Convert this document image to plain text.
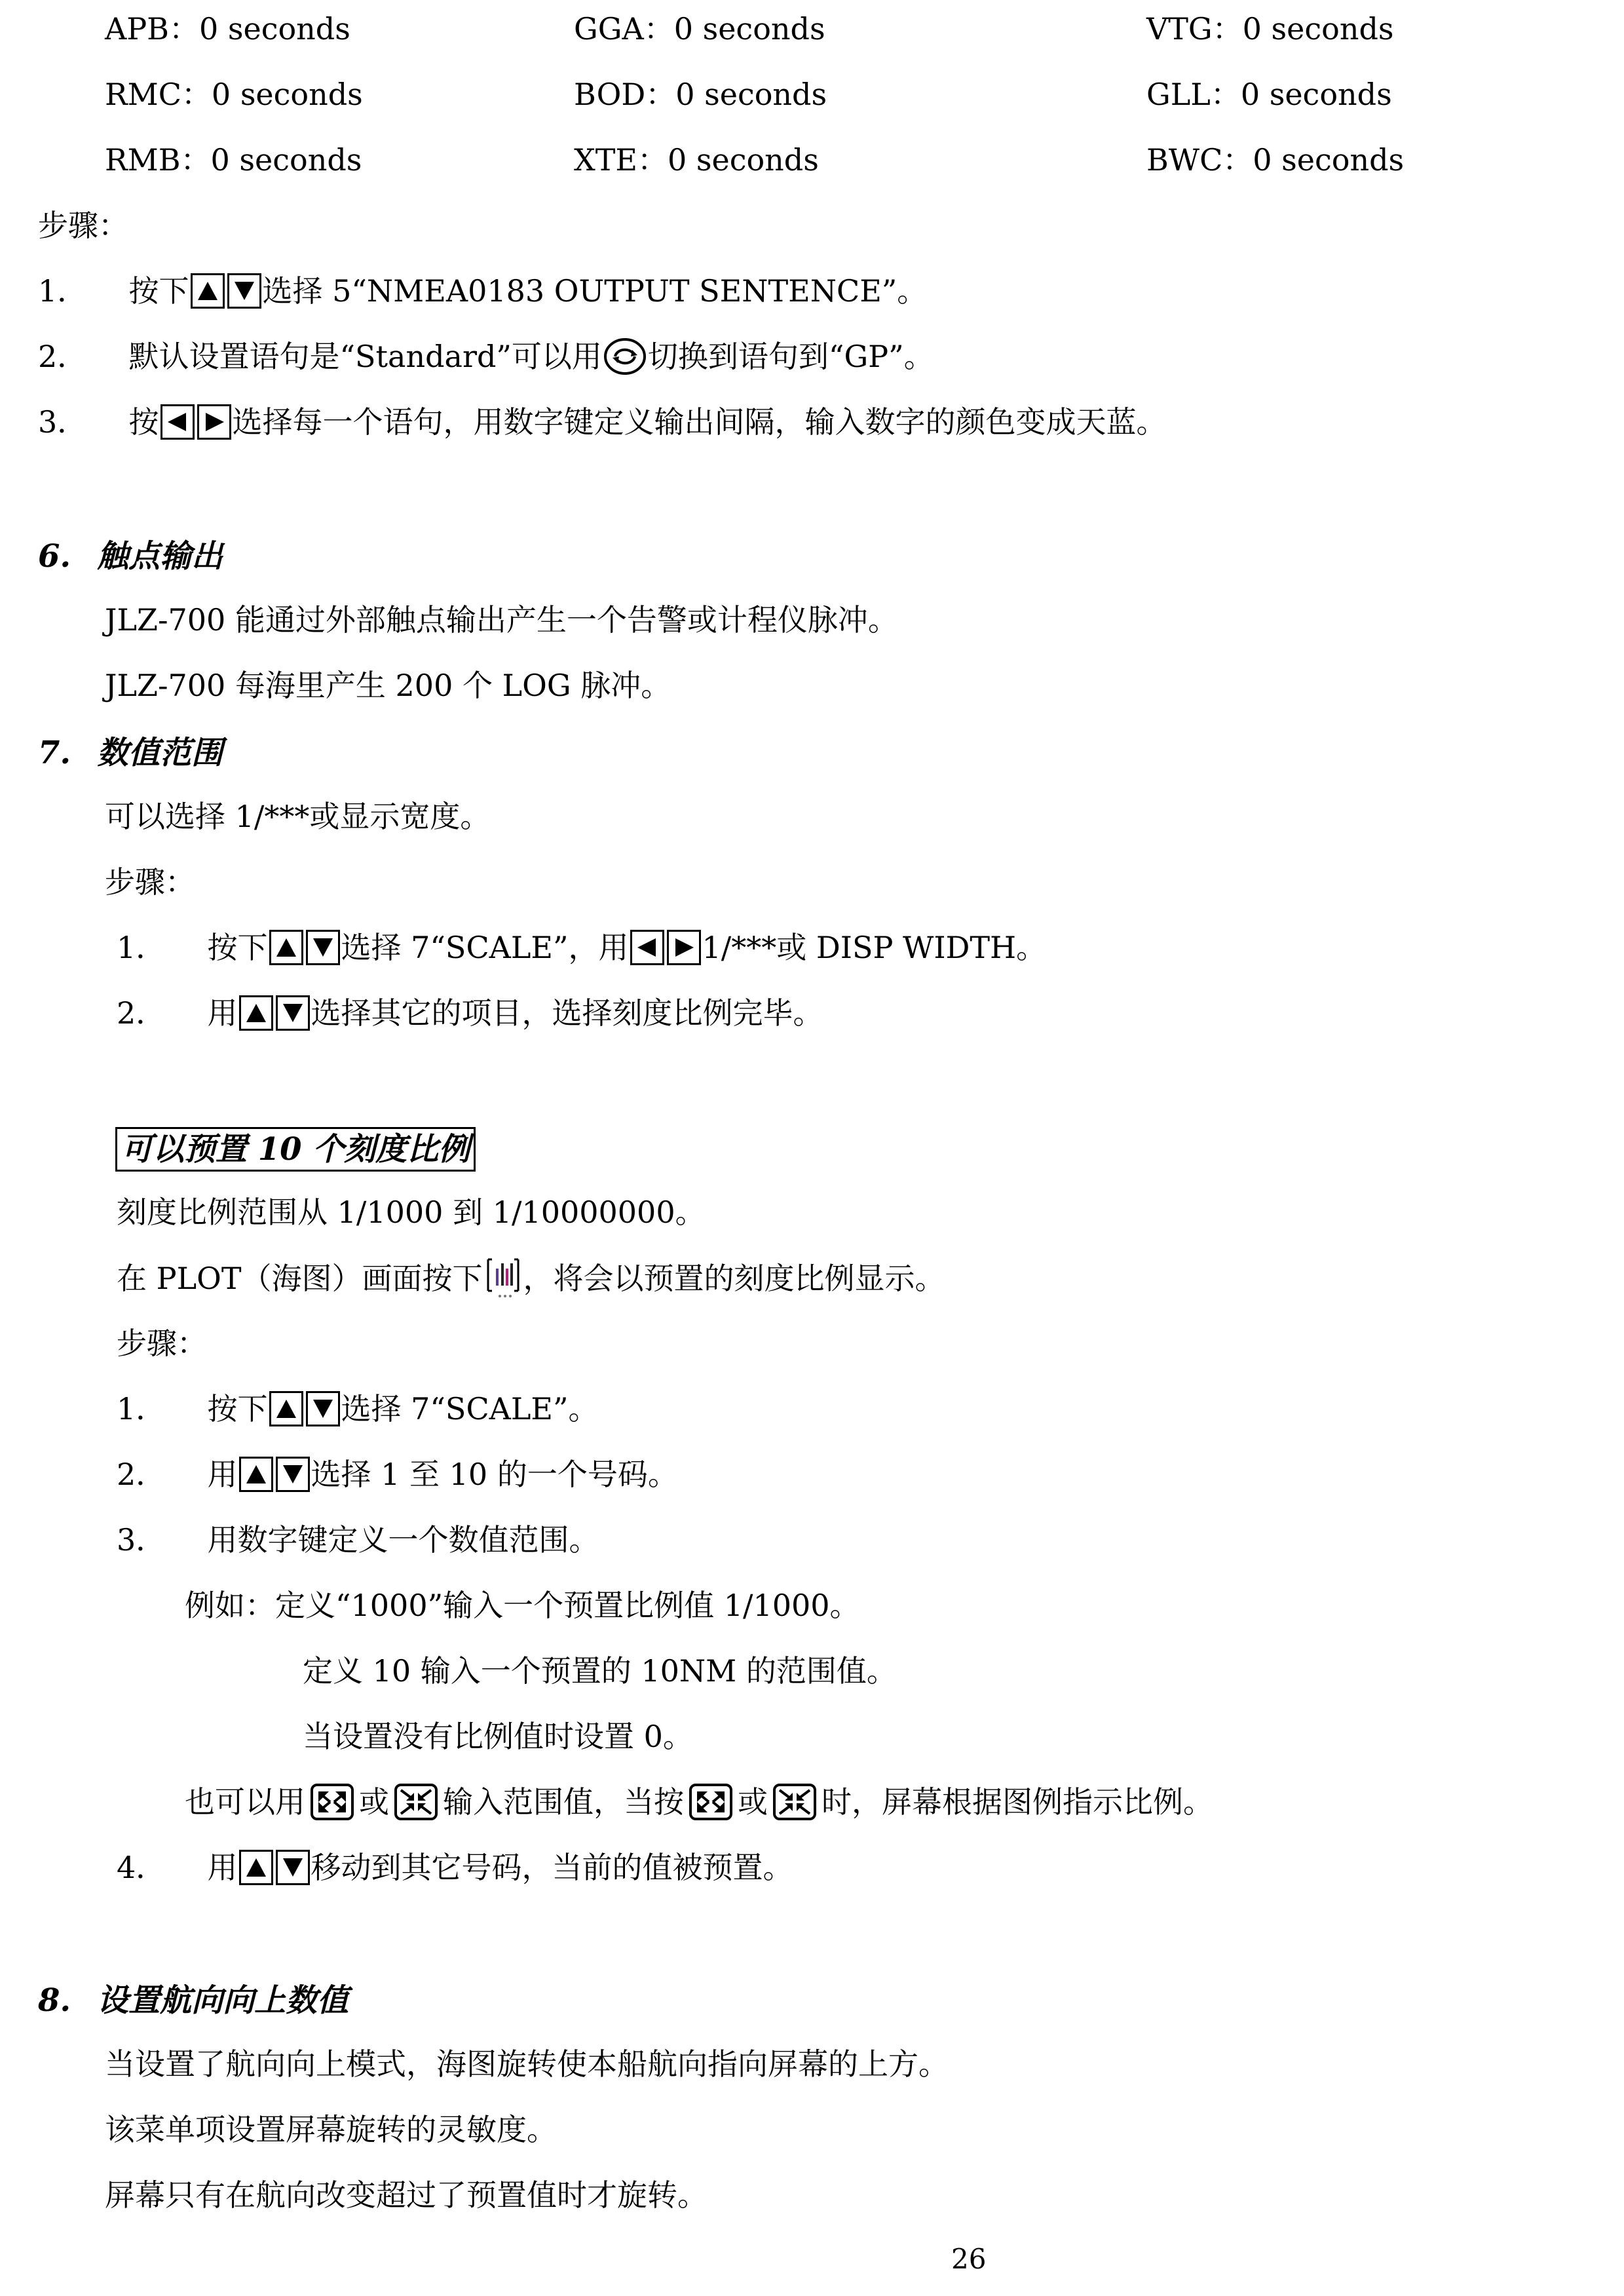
APB：0 seconds	GGA：0 seconds	VTG：0 seconds
RMC：0 seconds	BOD：0 seconds	GLL：0 seconds
RMB：0 seconds	XTE：0 seconds	BWC：0 seconds
步骤：
1． 按下 选择 5“NMEA0183 OUTPUT SENTENCE”。
2． 默认设置语句是“Standard”可以用 切换到语句到“GP”。
3． 按 选择每一个语句，用数字键定义输出间隔，输入数字的颜色变成天蓝。
6. 触点输出
JLZ-700 能通过外部触点输出产生一个告警或计程仪脉冲。
JLZ-700 每海里产生 200 个 LOG 脉冲。
7. 数值范围
可以选择 1/***或显示宽度。
步骤：
1． 按下 选择 7“SCALE”，用 1/***或 DISP WIDTH。
2． 用 选择其它的项目，选择刻度比例完毕。
可以预置 10 个刻度比例
刻度比例范围从 1/1000 到 1/10000000。
在 PLOT（海图）画面按下 ，将会以预置的刻度比例显示。
步骤：
1． 按下 选择 7“SCALE”。
2． 用 选择 1 至 10 的一个号码。
3． 用数字键定义一个数值范围。
例如：定义“1000”输入一个预置比例值 1/1000。
定义 10 输入一个预置的 10NM 的范围值。
当设置没有比例值时设置 0。
也可以用 或 输入范围值，当按 或 时，屏幕根据图例指示比例。
4． 用 移动到其它号码，当前的值被预置。
8. 设置航向向上数值
当设置了航向向上模式，海图旋转使本船航向指向屏幕的上方。
该菜单项设置屏幕旋转的灵敏度。
屏幕只有在航向改变超过了预置值时才旋转。
26
